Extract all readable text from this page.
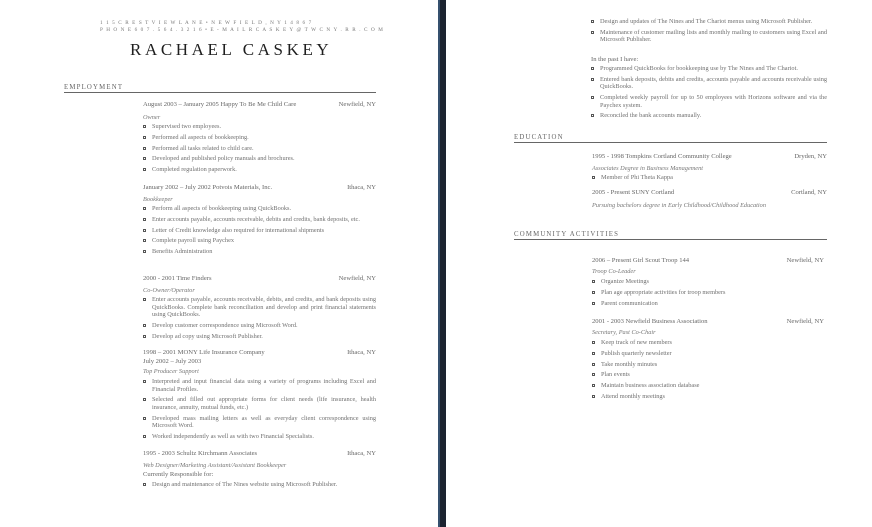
1 1 5 C R E S T V I E W L A N E • N E W F I E L D , N Y 1 4 8 6 7
P H O N E 6 0 7 . 5 6 4 . 3 2 1 6 • E - M A I L R C A S K E Y @ T W C N Y . R R . C O M
RACHAEL CASKEY
EMPLOYMENT
August 2003 – January 2005 Happy To Be Me Child Care	Newfield, NY
Owner
Supervised two employees.
Performed all aspects of bookkeeping.
Performed all tasks related to child care.
Developed and published policy manuals and brochures.
Completed regulation paperwork.
January 2002 – July 2002 Potvois Materials, Inc.	Ithaca, NY
Bookkeeper
Perform all aspects of bookkeeping using QuickBooks.
Enter accounts payable, accounts receivable, debits and credits, bank deposits, etc.
Letter of Credit knowledge also required for international shipments
Complete payroll using Paychex
Benefits Administration
2000 - 2001 Time Finders	Newfield, NY
Co-Owner/Operator
Enter accounts payable, accounts receivable, debits, and credits, and bank deposits using QuickBooks. Complete bank reconciliation and develop and print financial statements using QuickBooks.
Develop customer correspondence using Microsoft Word.
Develop ad copy using Microsoft Publisher.
1998 – 2001 MONY Life Insurance Company	Ithaca, NY
July 2002 – July 2003
Top Producer Support
Interpreted and input financial data using a variety of programs including Excel and Financial Profiles.
Selected and filled out appropriate forms for client needs (life insurance, health insurance, annuity, mutual funds, etc.)
Developed mass mailing letters as well as everyday client correspondence using Microsoft Word.
Worked independently as well as with two Financial Specialists.
1995 - 2003 Schultz Kirchmann Associates	Ithaca, NY
Web Designer/Marketing Assistant/Assistant Bookkeeper
Currently Responsible for:
Design and maintenance of The Nines website using Microsoft Publisher.
Design and updates of The Nines and The Chariot menus using Microsoft Publisher.
Maintenance of customer mailing lists and monthly mailing to customers using Excel and Microsoft Publisher.
In the past I have:
Programmed QuickBooks for bookkeeping use by The Nines and The Chariot.
Entered bank deposits, debits and credits, accounts payable and accounts receivable using QuickBooks.
Completed weekly payroll for up to 50 employees with Horizons software and via the Paychex system.
Reconciled the bank accounts manually.
EDUCATION
1995 - 1998 Tompkins Cortland Community College	Dryden, NY
Associates Degree in Business Management
Member of Phi Theta Kappa
2005 - Present SUNY Cortland	Cortland, NY
Pursuing bachelors degree in Early Childhood/Childhood Education
COMMUNITY ACTIVITIES
2006 – Present Girl Scout Troop 144	Newfield, NY
Troop Co-Leader
Organize Meetings
Plan age appropriate activities for troop members
Parent communication
2001 - 2003 Newfield Business Association	Newfield, NY
Secretary, Past Co-Chair
Keep track of new members
Publish quarterly newsletter
Take monthly minutes
Plan events
Maintain business association database
Attend monthly meetings
